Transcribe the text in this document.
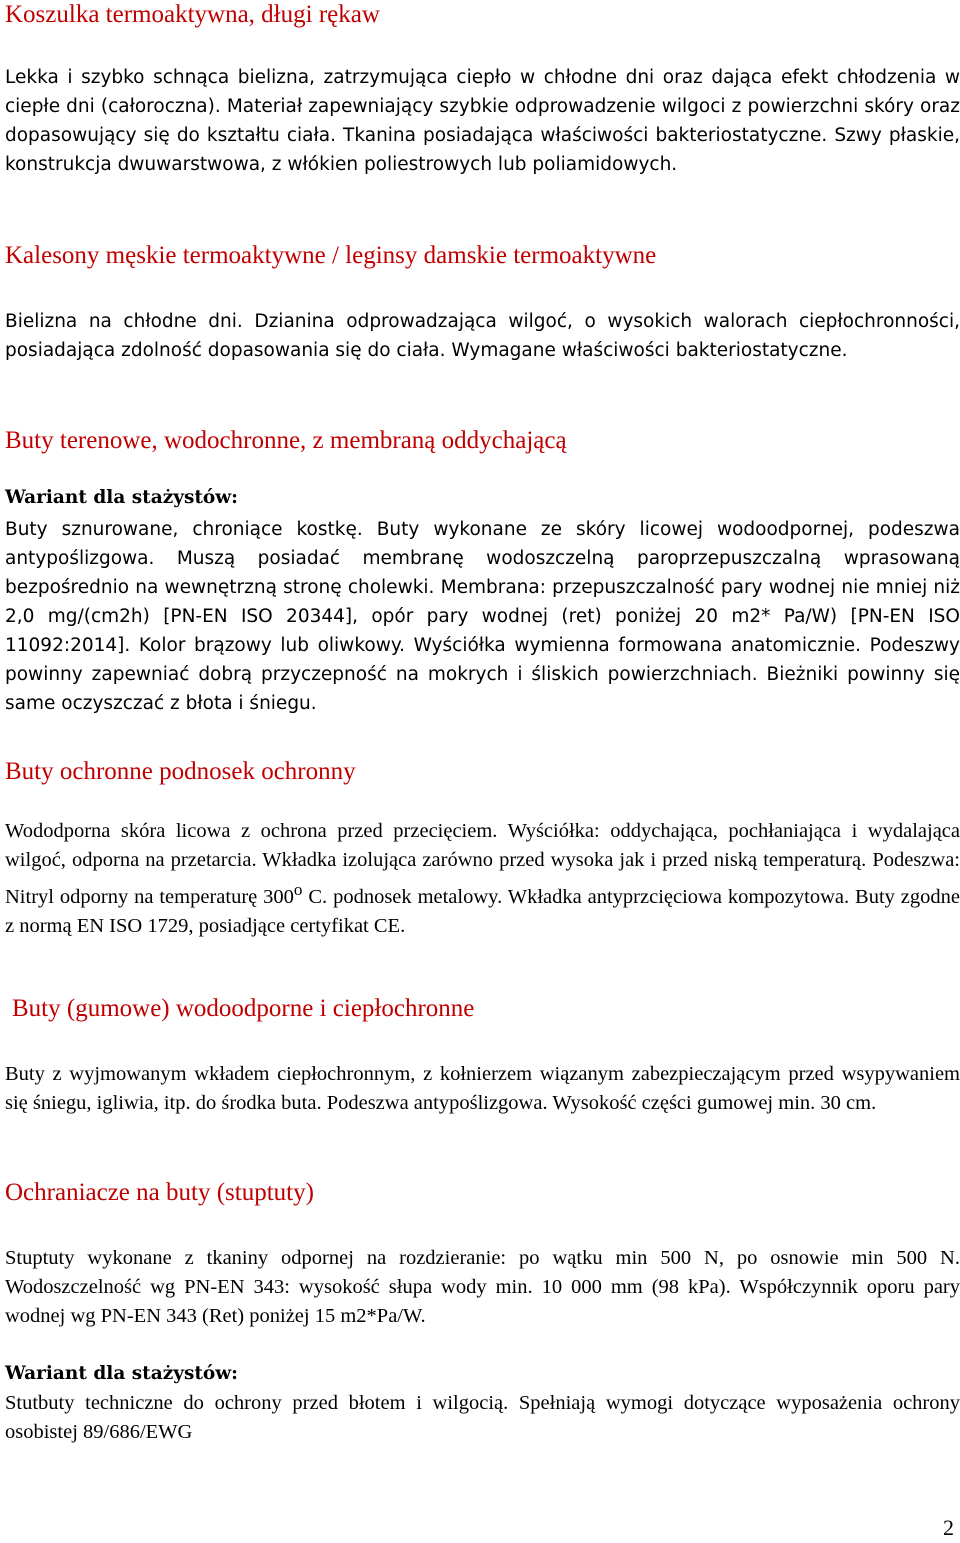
Koszulka termoaktywna, długi rękaw

Lekka i szybko schnąca bielizna, zatrzymująca ciepło w chłodne dni oraz dająca efekt chłodzenia w ciepłe dni (całoroczna). Materiał zapewniający szybkie odprowadzenie wilgoci z powierzchni skóry oraz dopasowujący się do kształtu ciała. Tkanina posiadająca właściwości bakteriostatyczne. Szwy płaskie, konstrukcja dwuwarstwowa, z włókien poliestrowych lub poliamidowych.

Kalesony męskie termoaktywne / leginsy damskie termoaktywne

Bielizna na chłodne dni. Dzianina odprowadzająca wilgoć, o wysokich walorach ciepłochronności, posiadająca zdolność dopasowania się do ciała. Wymagane właściwości bakteriostatyczne.

Buty terenowe, wodochronne, z membraną oddychającą
Wariant dla stażystów:

Buty sznurowane, chroniące kostkę. Buty wykonane ze skóry licowej wodoodpornej, podeszwa antypoślizgowa. Muszą posiadać membranę wodoszczelną paroprzepuszczalną wprasowaną bezpośrednio na wewnętrzną stronę cholewki. Membrana: przepuszczalność pary wodnej nie mniej niż 2,0 mg/(cm2h) [PN-EN ISO 20344], opór pary wodnej (ret) poniżej 20 m2* Pa/W) [PN-EN ISO 11092:2014]. Kolor brązowy lub oliwkowy. Wyściółka wymienna formowana anatomicznie. Podeszwy powinny zapewniać dobrą przyczepność na mokrych i śliskich powierzchniach. Bieżniki powinny się same oczyszczać z błota i śniegu.

Buty ochronne podnosek ochronny

Wododporna skóra licowa z ochrona przed przecięciem. Wyściółka: oddychająca, pochłaniająca i wydalająca wilgoć, odporna na przetarcia. Wkładka izolująca zarówno przed wysoka jak i przed niską temperaturą. Podeszwa: Nitryl odporny na temperaturę 300$^o$ C. podnosek metalowy. Wkładka antyprzcięciowa kompozytowa. Buty zgodne z normą EN ISO 1729, posiadjące certyfikat CE.

Buty (gumowe) wodoodporne i ciepłochronne

Buty z wyjmowanym wkładem ciepłochronnym, z kołnierzem wiązanym zabezpieczającym przed wsypywaniem się śniegu, igliwia, itp. do środka buta. Podeszwa antypoślizgowa. Wysokość części gumowej min. 30 cm.

Ochraniacze na buty (stuptuty)

Stuptuty wykonane z tkaniny odpornej na rozdzieranie: po wątku min 500 N, po osnowie min 500 N. Wodoszczelność wg PN-EN 343: wysokość słupa wody min. 10 000 mm (98 kPa). Współczynnik oporu pary wodnej wg PN-EN 343 (Ret) poniżej 15 m2*Pa/W.

Wariant dla stażystów:

Stutbuty techniczne do ochrony przed błotem i wilgocią. Spełniają wymogi dotyczące wyposażenia ochrony osobistej 89/686/EWG

2
